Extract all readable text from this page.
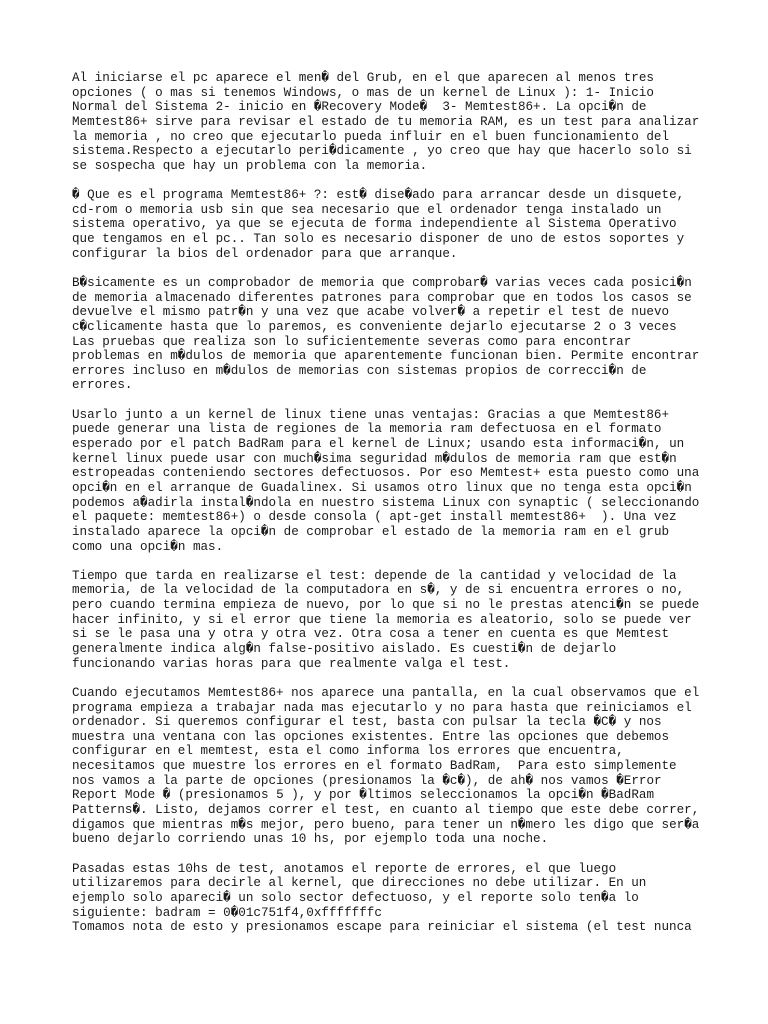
Al iniciarse el pc aparece el men� del Grub, en el que aparecen al menos tres
opciones ( o mas si tenemos Windows, o mas de un kernel de Linux ): 1- Inicio
Normal del Sistema 2- inicio en �Recovery Mode�  3- Memtest86+. La opci�n de
Memtest86+ sirve para revisar el estado de tu memoria RAM, es un test para analizar
la memoria , no creo que ejecutarlo pueda influir en el buen funcionamiento del
sistema.Respecto a ejecutarlo peri�dicamente , yo creo que hay que hacerlo solo si
se sospecha que hay un problema con la memoria.
� Que es el programa Memtest86+ ?: est� dise�ado para arrancar desde un disquete,
cd-rom o memoria usb sin que sea necesario que el ordenador tenga instalado un
sistema operativo, ya que se ejecuta de forma independiente al Sistema Operativo
que tengamos en el pc.. Tan solo es necesario disponer de uno de estos soportes y
configurar la bios del ordenador para que arranque.
B�sicamente es un comprobador de memoria que comprobar� varias veces cada posici�n
de memoria almacenado diferentes patrones para comprobar que en todos los casos se
devuelve el mismo patr�n y una vez que acabe volver� a repetir el test de nuevo
c�clicamente hasta que lo paremos, es conveniente dejarlo ejecutarse 2 o 3 veces
Las pruebas que realiza son lo suficientemente severas como para encontrar
problemas en m�dulos de memoria que aparentemente funcionan bien. Permite encontrar
errores incluso en m�dulos de memorias con sistemas propios de correcci�n de
errores.
Usarlo junto a un kernel de linux tiene unas ventajas: Gracias a que Memtest86+
puede generar una lista de regiones de la memoria ram defectuosa en el formato
esperado por el patch BadRam para el kernel de Linux; usando esta informaci�n, un
kernel linux puede usar con much�sima seguridad m�dulos de memoria ram que est�n
estropeadas conteniendo sectores defectuosos. Por eso Memtest+ esta puesto como una
opci�n en el arranque de Guadalinex. Si usamos otro linux que no tenga esta opci�n
podemos a�adirla instal�ndola en nuestro sistema Linux con synaptic ( seleccionando
el paquete: memtest86+) o desde consola ( apt-get install memtest86+  ). Una vez
instalado aparece la opci�n de comprobar el estado de la memoria ram en el grub
como una opci�n mas.
Tiempo que tarda en realizarse el test: depende de la cantidad y velocidad de la
memoria, de la velocidad de la computadora en s�, y de si encuentra errores o no,
pero cuando termina empieza de nuevo, por lo que si no le prestas atenci�n se puede
hacer infinito, y si el error que tiene la memoria es aleatorio, solo se puede ver
si se le pasa una y otra y otra vez. Otra cosa a tener en cuenta es que Memtest
generalmente indica alg�n false-positivo aislado. Es cuesti�n de dejarlo
funcionando varias horas para que realmente valga el test.
Cuando ejecutamos Memtest86+ nos aparece una pantalla, en la cual observamos que el
programa empieza a trabajar nada mas ejecutarlo y no para hasta que reiniciamos el
ordenador. Si queremos configurar el test, basta con pulsar la tecla �C� y nos
muestra una ventana con las opciones existentes. Entre las opciones que debemos
configurar en el memtest, esta el como informa los errores que encuentra,
necesitamos que muestre los errores en el formato BadRam,  Para esto simplemente
nos vamos a la parte de opciones (presionamos la �c�), de ah� nos vamos �Error
Report Mode � (presionamos 5 ), y por �ltimos seleccionamos la opci�n �BadRam
Patterns�. Listo, dejamos correr el test, en cuanto al tiempo que este debe correr,
digamos que mientras m�s mejor, pero bueno, para tener un n�mero les digo que ser�a
bueno dejarlo corriendo unas 10 hs, por ejemplo toda una noche.
Pasadas estas 10hs de test, anotamos el reporte de errores, el que luego
utilizaremos para decirle al kernel, que direcciones no debe utilizar. En un
ejemplo solo apareci� un solo sector defectuoso, y el reporte solo ten�a lo
siguiente: badram = 0�01c751f4,0xfffffffc
Tomamos nota de esto y presionamos escape para reiniciar el sistema (el test nunca
